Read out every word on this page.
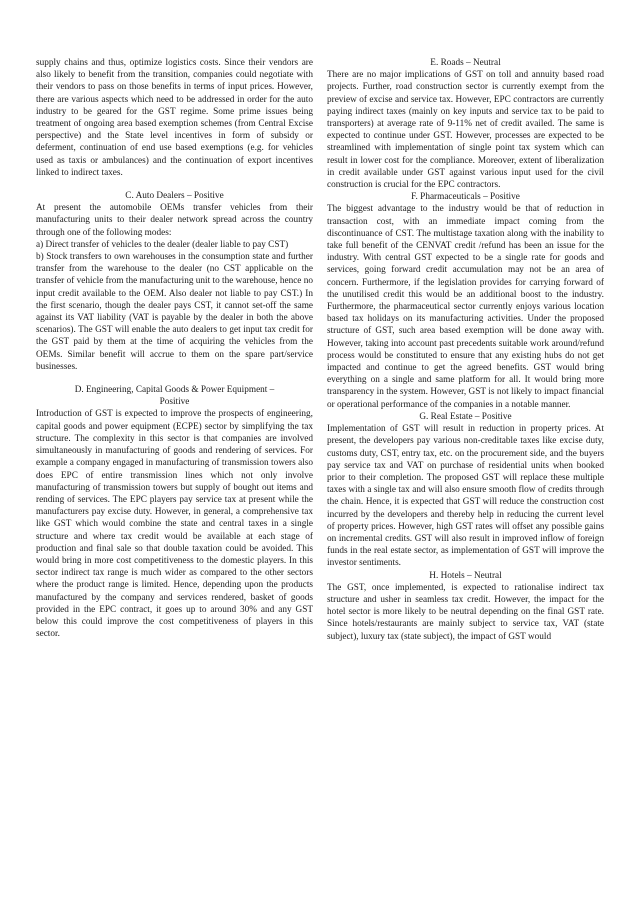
supply chains and thus, optimize logistics costs. Since their vendors are also likely to benefit from the transition, companies could negotiate with their vendors to pass on those benefits in terms of input prices. However, there are various aspects which need to be addressed in order for the auto industry to be geared for the GST regime. Some prime issues being treatment of ongoing area based exemption schemes (from Central Excise perspective) and the State level incentives in form of subsidy or deferment, continuation of end use based exemptions (e.g. for vehicles used as taxis or ambulances) and the continuation of export incentives linked to indirect taxes.

C. Auto Dealers – Positive

At present the automobile OEMs transfer vehicles from their manufacturing units to their dealer network spread across the country through one of the following modes:

a) Direct transfer of vehicles to the dealer (dealer liable to pay CST)

b) Stock transfers to own warehouses in the consumption state and further transfer from the warehouse to the dealer (no CST applicable on the transfer of vehicle from the manufacturing unit to the warehouse, hence no input credit available to the OEM. Also dealer not liable to pay CST.) In the first scenario, though the dealer pays CST, it cannot set-off the same against its VAT liability (VAT is payable by the dealer in both the above scenarios). The GST will enable the auto dealers to get input tax credit for the GST paid by them at the time of acquiring the vehicles from the OEMs. Similar benefit will accrue to them on the spare part/service businesses.

D. Engineering, Capital Goods & Power Equipment –
Positive

Introduction of GST is expected to improve the prospects of engineering, capital goods and power equipment (ECPE) sector by simplifying the tax structure. The complexity in this sector is that companies are involved simultaneously in manufacturing of goods and rendering of services. For example a company engaged in manufacturing of transmission towers also does EPC of entire transmission lines which not only involve manufacturing of transmission towers but supply of bought out items and rending of services. The EPC players pay service tax at present while the manufacturers pay excise duty. However, in general, a comprehensive tax like GST which would combine the state and central taxes in a single structure and where tax credit would be available at each stage of production and final sale so that double taxation could be avoided. This would bring in more cost competitiveness to the domestic players. In this sector indirect tax range is much wider as compared to the other sectors where the product range is limited. Hence, depending upon the products manufactured by the company and services rendered, basket of goods provided in the EPC contract, it goes up to around 30% and any GST below this could improve the cost competitiveness of players in this sector.

E. Roads – Neutral

There are no major implications of GST on toll and annuity based road projects. Further, road construction sector is currently exempt from the preview of excise and service tax. However, EPC contractors are currently paying indirect taxes (mainly on key inputs and service tax to be paid to transporters) at average rate of 9-11% net of credit availed. The same is expected to continue under GST. However, processes are expected to be streamlined with implementation of single point tax system which can result in lower cost for the compliance. Moreover, extent of liberalization in credit available under GST against various input used for the civil construction is crucial for the EPC contractors.

F. Pharmaceuticals – Positive

The biggest advantage to the industry would be that of reduction in transaction cost, with an immediate impact coming from the discontinuance of CST. The multistage taxation along with the inability to take full benefit of the CENVAT credit /refund has been an issue for the industry. With central GST expected to be a single rate for goods and services, going forward credit accumulation may not be an area of concern. Furthermore, if the legislation provides for carrying forward of the unutilised credit this would be an additional boost to the industry. Furthermore, the pharmaceutical sector currently enjoys various location based tax holidays on its manufacturing activities. Under the proposed structure of GST, such area based exemption will be done away with. However, taking into account past precedents suitable work around/refund process would be constituted to ensure that any existing hubs do not get impacted and continue to get the agreed benefits. GST would bring everything on a single and same platform for all. It would bring more transparency in the system. However, GST is not likely to impact financial or operational performance of the companies in a notable manner.

G. Real Estate – Positive

Implementation of GST will result in reduction in property prices. At present, the developers pay various non-creditable taxes like excise duty, customs duty, CST, entry tax, etc. on the procurement side, and the buyers pay service tax and VAT on purchase of residential units when booked prior to their completion. The proposed GST will replace these multiple taxes with a single tax and will also ensure smooth flow of credits through the chain. Hence, it is expected that GST will reduce the construction cost incurred by the developers and thereby help in reducing the current level of property prices. However, high GST rates will offset any possible gains on incremental credits. GST will also result in improved inflow of foreign funds in the real estate sector, as implementation of GST will improve the investor sentiments.

H. Hotels – Neutral

The GST, once implemented, is expected to rationalise indirect tax structure and usher in seamless tax credit. However, the impact for the hotel sector is more likely to be neutral depending on the final GST rate. Since hotels/restaurants are mainly subject to service tax, VAT (state subject), luxury tax (state subject), the impact of GST would
